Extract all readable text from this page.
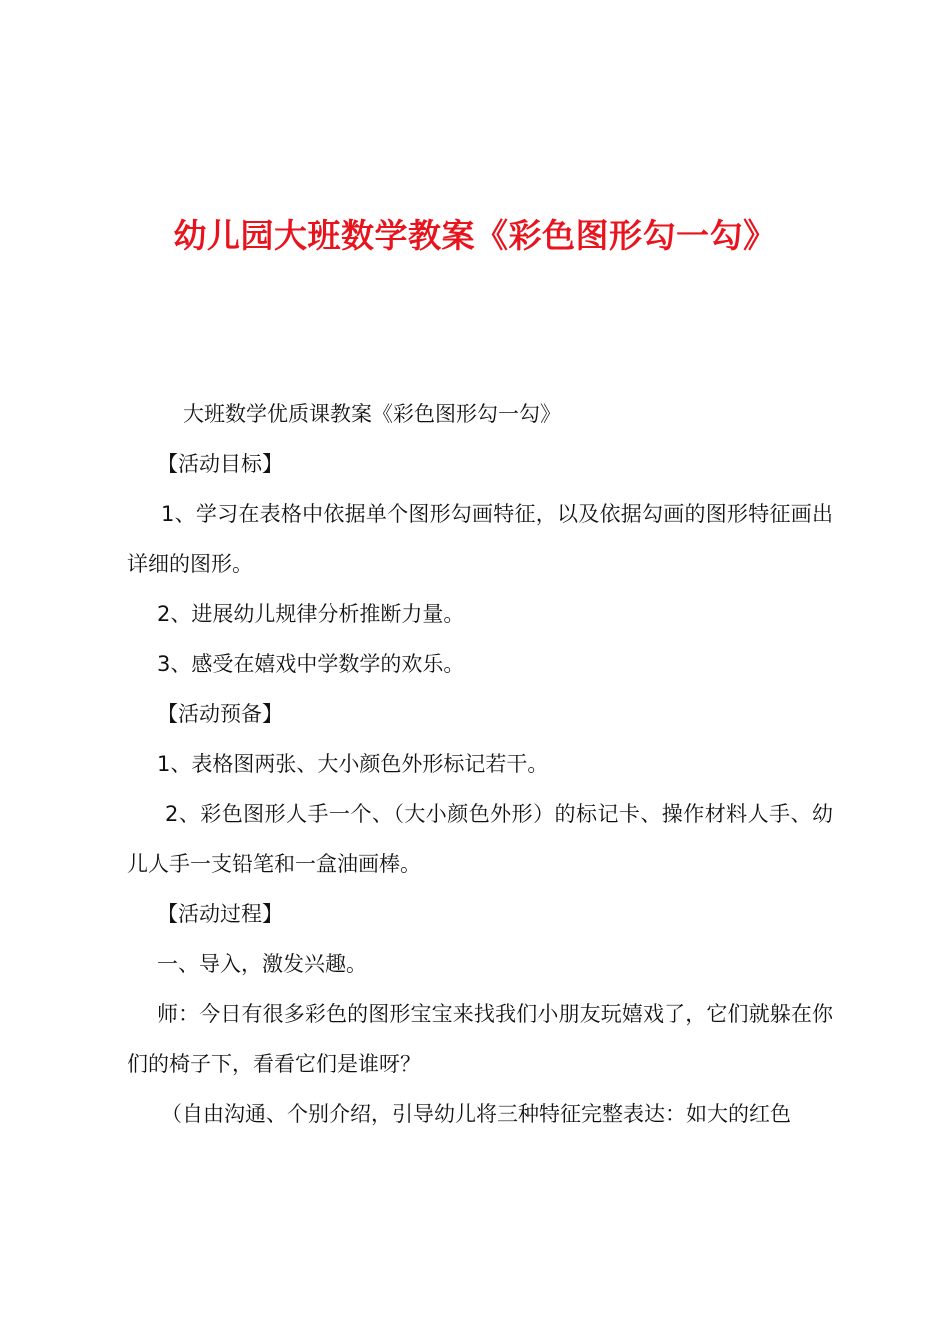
幼儿园大班数学教案《彩色图形勾一勾》

大班数学优质课教案《彩色图形勾一勾》

【活动目标】

1、学习在表格中依据单个图形勾画特征，以及依据勾画的图形特征画出详细的图形。

2、进展幼儿规律分析推断力量。

3、感受在嬉戏中学数学的欢乐。

【活动预备】

1、表格图两张、大小颜色外形标记若干。

2、彩色图形人手一个、（大小颜色外形）的标记卡、操作材料人手、幼儿人手一支铅笔和一盒油画棒。

【活动过程】

一、导入，激发兴趣。

师：今日有很多彩色的图形宝宝来找我们小朋友玩嬉戏了，它们就躲在你们的椅子下，看看它们是谁呀？

（自由沟通、个别介绍，引导幼儿将三种特征完整表达：如大的红色
